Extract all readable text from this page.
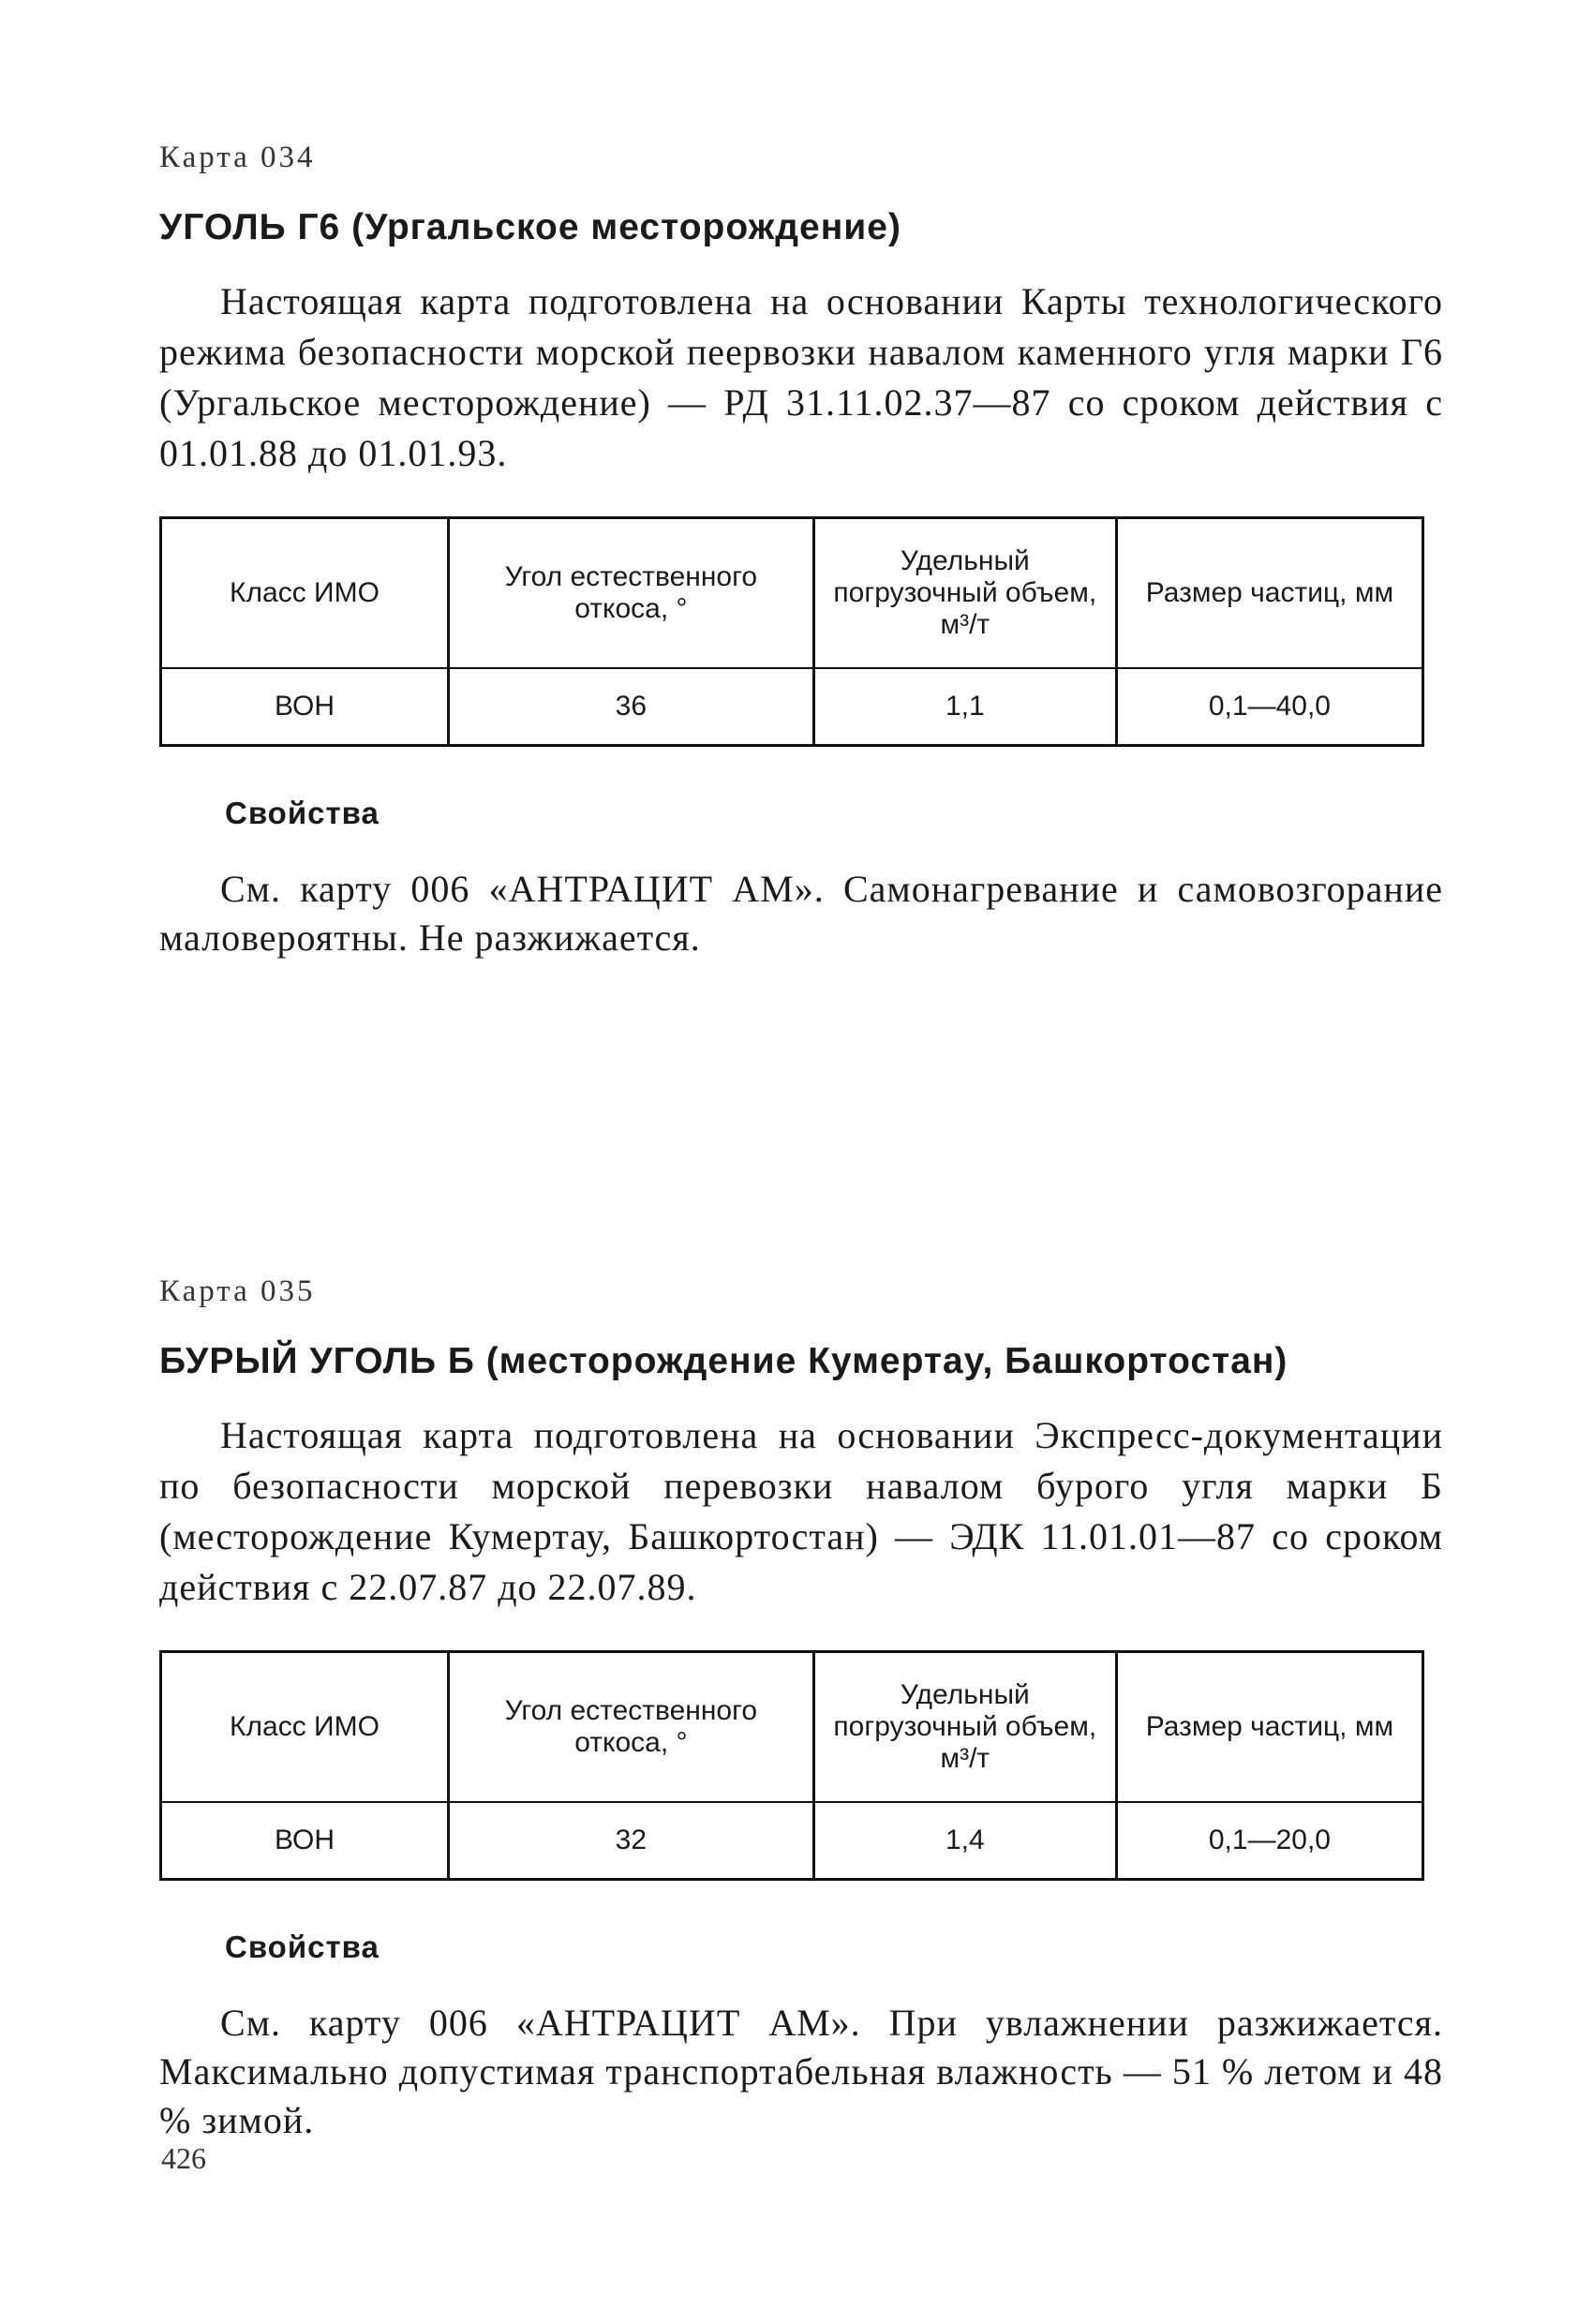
Карта 034
УГОЛЬ Г6 (Ургальское месторождение)

Настоящая карта подготовлена на основании Карты технологического режима безопасности морской пеервозки навалом каменного угля марки Г6 (Ургальское месторождение) — РД 31.11.02.37—87 со сроком действия с 01.01.88 до 01.01.93.

Класс ИМО	Угол естественного откоса, °	Удельный погрузочный объем, м³/т	Размер частиц, мм
ВОН	36	1,1	0,1—40,0
Свойства

См. карту 006 «АНТРАЦИТ АМ». Самонагревание и самовозгорание маловероятны. Не разжижается.

Карта 035
БУРЫЙ УГОЛЬ Б (месторождение Кумертау, Башкортостан)

Настоящая карта подготовлена на основании Экспресс-документации по безопасности морской перевозки навалом бурого угля марки Б (месторождение Кумертау, Башкортостан) — ЭДК 11.01.01—87 со сроком действия с 22.07.87 до 22.07.89.

Класс ИМО	Угол естественного откоса, °	Удельный погрузочный объем, м³/т	Размер частиц, мм
ВОН	32	1,4	0,1—20,0
Свойства

См. карту 006 «АНТРАЦИТ АМ». При увлажнении разжижается. Максимально допустимая транспортабельная влажность — 51 % летом и 48 % зимой.

426
